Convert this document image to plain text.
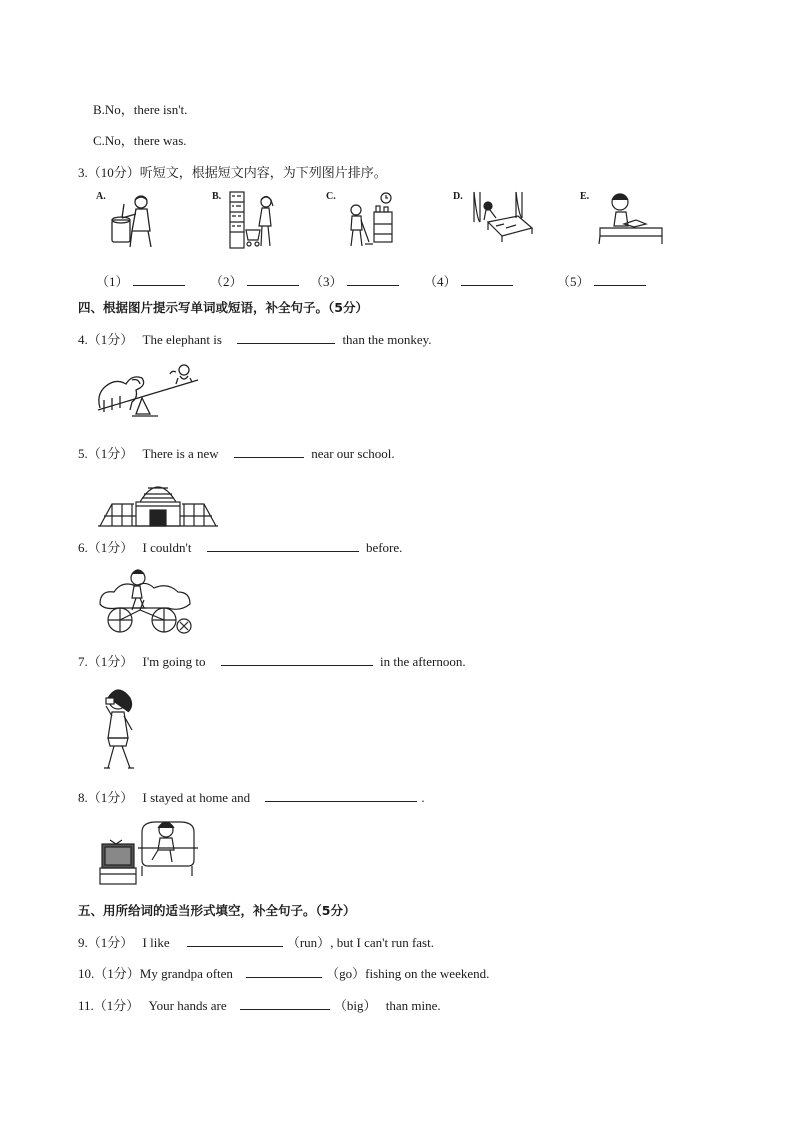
B.No，there isn't.
C.No，there was.
3.（10分）听短文，根据短文内容，为下列图片排序。
A.	B.	C.	D.	E.
（1）	（2）	（3）	（4）	（5）
四、根据图片提示写单词或短语，补全句子。（5分）
4.（1分） The elephant is	than the monkey.
5.（1分） There is a new	near our school.
6.（1分） I couldn't	before.
7.（1分） I'm going to	in the afternoon.
8.（1分） I stayed at home and	.
五、用所给词的适当形式填空，补全句子。（5分）
9.（1分） I like	（run）, but I can't run fast.
10.（1分）My grandpa often	（go）fishing on the weekend.
11.（1分） Your hands are	（big） than mine.
